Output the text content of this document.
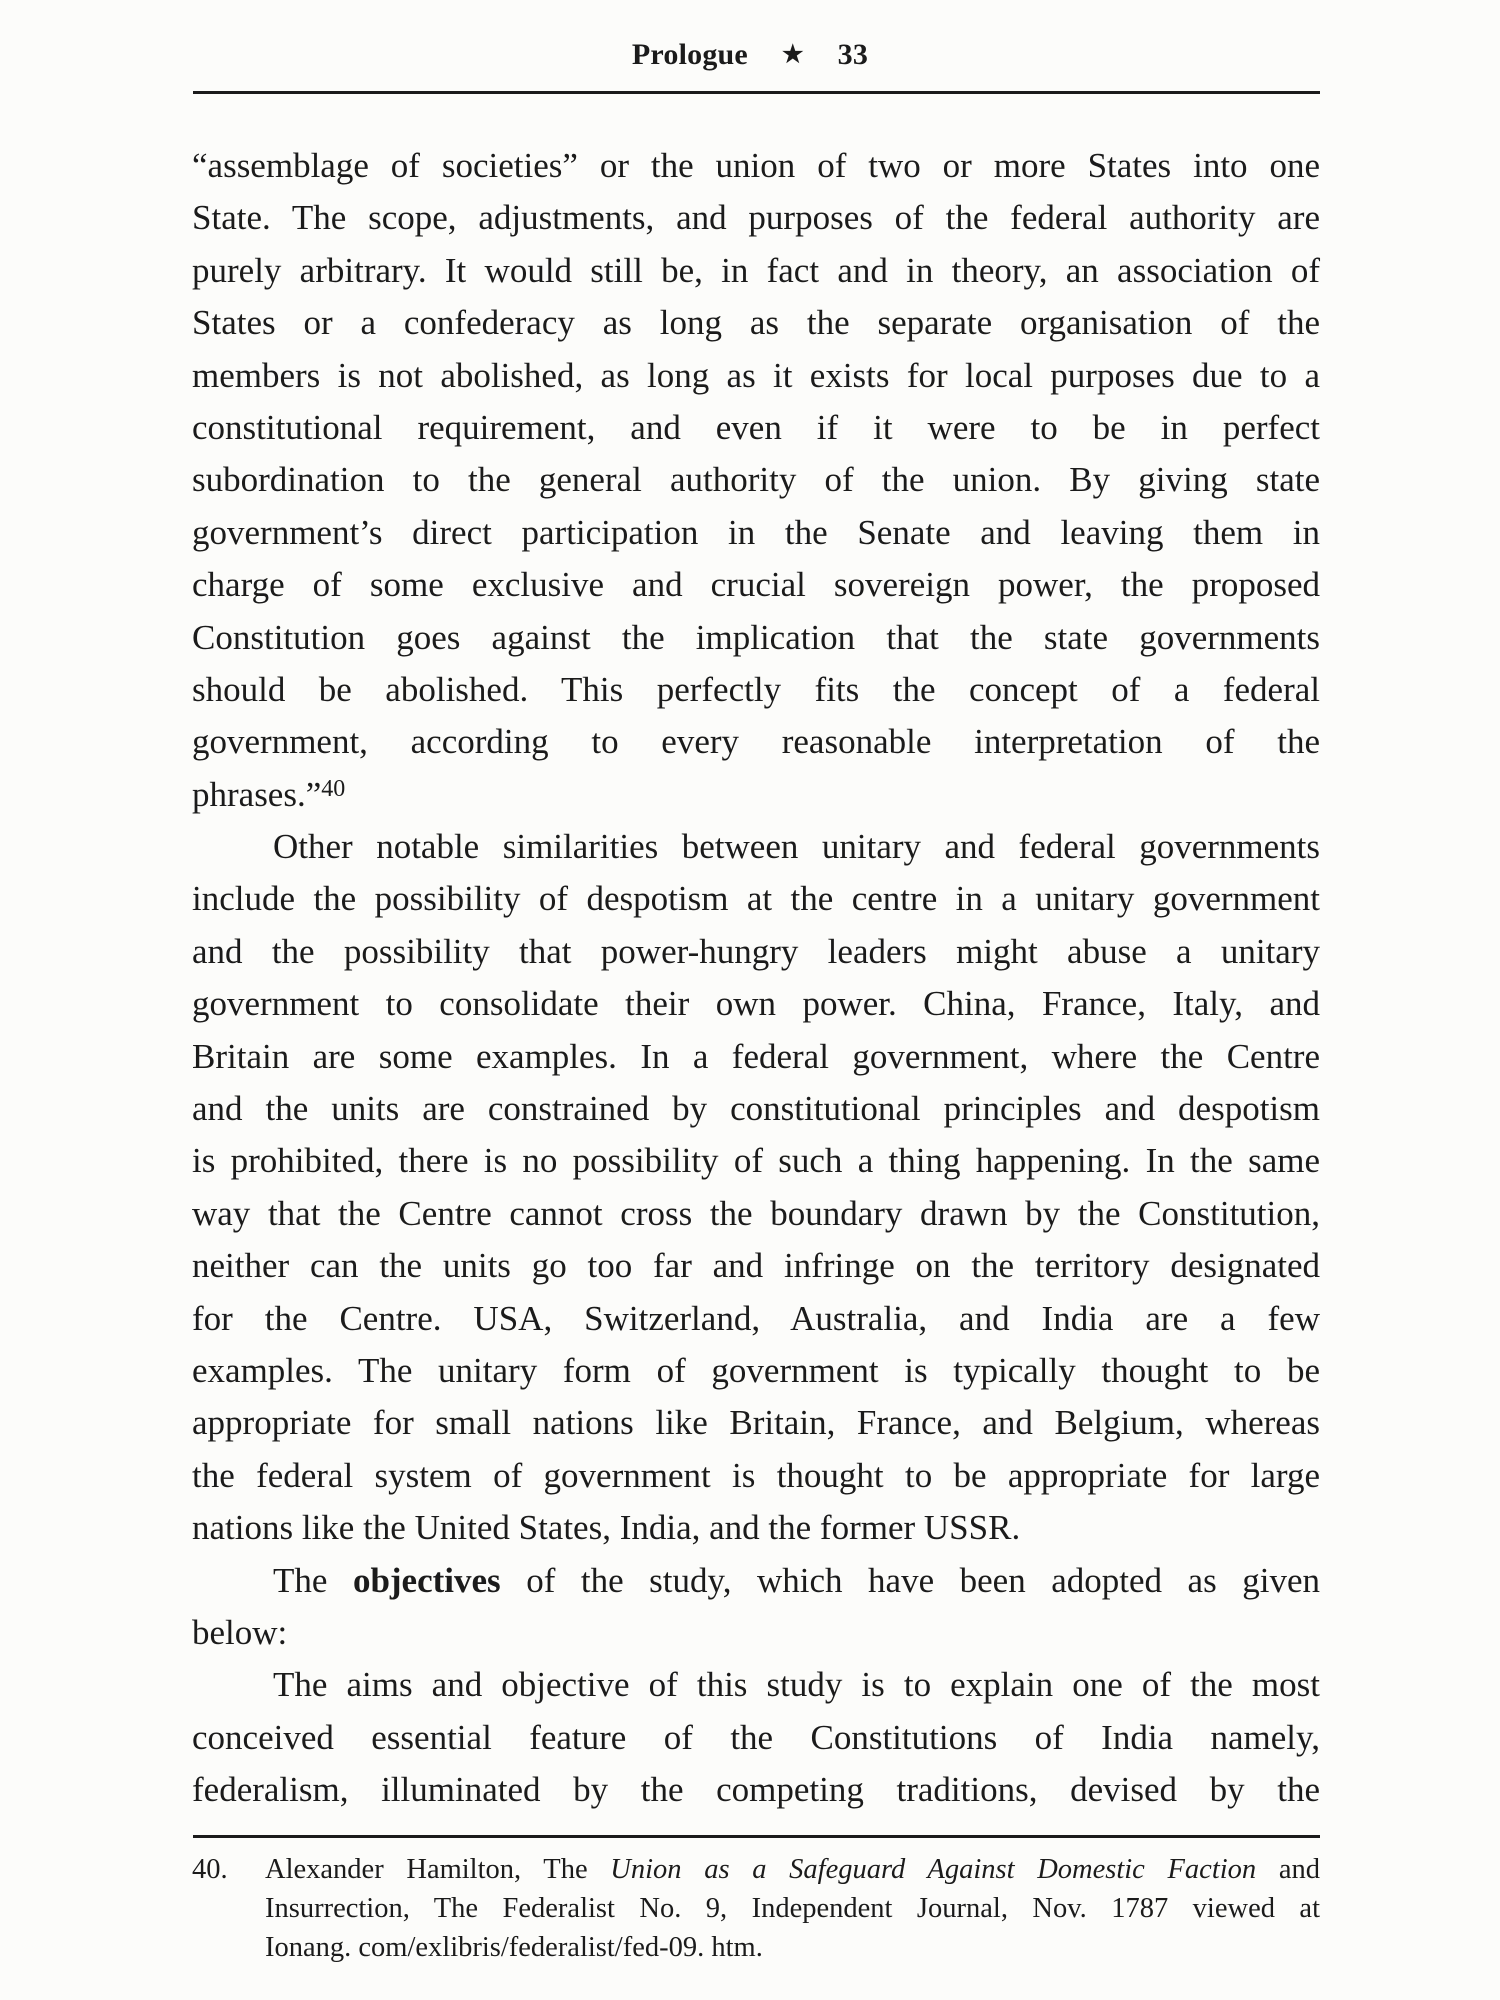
Prologue ★ 33
“assemblage of societies” or the union of two or more States into one
State. The scope, adjustments, and purposes of the federal authority are
purely arbitrary. It would still be, in fact and in theory, an association of
States or a confederacy as long as the separate organisation of the
members is not abolished, as long as it exists for local purposes due to a
constitutional requirement, and even if it were to be in perfect
subordination to the general authority of the union. By giving state
government’s direct participation in the Senate and leaving them in
charge of some exclusive and crucial sovereign power, the proposed
Constitution goes against the implication that the state governments
should be abolished. This perfectly fits the concept of a federal
government, according to every reasonable interpretation of the
phrases.”$^{40}$
Other notable similarities between unitary and federal governments
include the possibility of despotism at the centre in a unitary government
and the possibility that power-hungry leaders might abuse a unitary
government to consolidate their own power. China, France, Italy, and
Britain are some examples. In a federal government, where the Centre
and the units are constrained by constitutional principles and despotism
is prohibited, there is no possibility of such a thing happening. In the same
way that the Centre cannot cross the boundary drawn by the Constitution,
neither can the units go too far and infringe on the territory designated
for the Centre. USA, Switzerland, Australia, and India are a few
examples. The unitary form of government is typically thought to be
appropriate for small nations like Britain, France, and Belgium, whereas
the federal system of government is thought to be appropriate for large
nations like the United States, India, and the former USSR.
The objectives of the study, which have been adopted as given
below:
The aims and objective of this study is to explain one of the most
conceived essential feature of the Constitutions of India namely,
federalism, illuminated by the competing traditions, devised by the
40. Alexander Hamilton, The Union as a Safeguard Against Domestic Faction and
Insurrection, The Federalist No. 9, Independent Journal, Nov. 1787 viewed at
Ionang. com/exlibris/federalist/fed-09. htm.
